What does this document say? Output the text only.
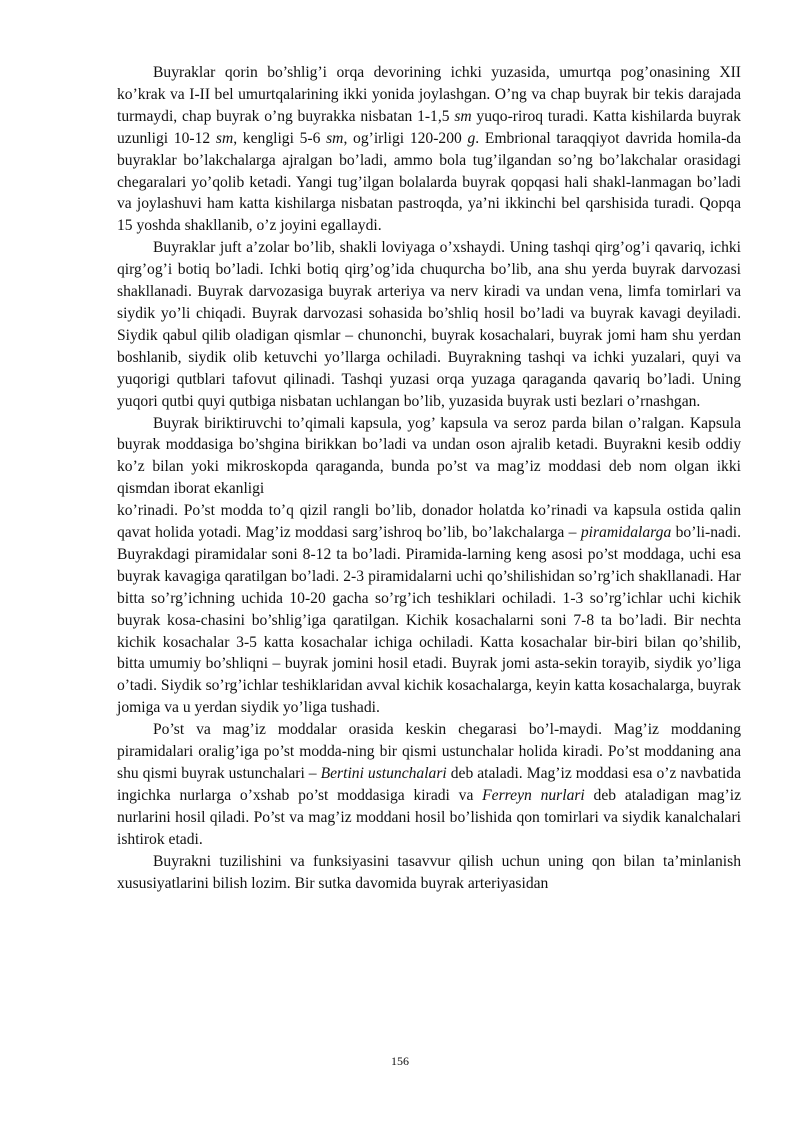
Buyraklar qorin bo’shlig’i orqa devorining ichki yuzasida, umurtqa pog’onasining XII ko’krak va I-II bel umurtqalarining ikki yonida joylashgan. O’ng va chap buyrak bir tekis darajada turmaydi, chap buyrak o’ng buyrakka nisbatan 1-1,5 sm yuqo-riroq turadi. Katta kishilarda buyrak uzunligi 10-12 sm, kengligi 5-6 sm, og’irligi 120-200 g. Embrional taraqqiyot davrida homila-da buyraklar bo’lakchalarga ajralgan bo’ladi, ammo bola tug’ilgandan so’ng bo’lakchalar orasidagi chegaralari yo’qolib ketadi. Yangi tug’ilgan bolalarda buyrak qopqasi hali shakl-lanmagan bo’ladi va joylashuvi ham katta kishilarga nisbatan pastroqda, ya’ni ikkinchi bel qarshisida turadi. Qopqa 15 yoshda shakllanib, o’z joyini egallaydi.

Buyraklar juft a’zolar bo’lib, shakli loviyaga o’xshaydi. Uning tashqi qirg’og’i qavariq, ichki qirg’og’i botiq bo’ladi. Ichki botiq qirg’og’ida chuqurcha bo’lib, ana shu yerda buyrak darvozasi shakllanadi. Buyrak darvozasiga buyrak arteriya va nerv kiradi va undan vena, limfa tomirlari va siydik yo’li chiqadi. Buyrak darvozasi sohasida bo’shliq hosil bo’ladi va buyrak kavagi deyiladi. Siydik qabul qilib oladigan qismlar – chunonchi, buyrak kosachalari, buyrak jomi ham shu yerdan boshlanib, siydik olib ketuvchi yo’llarga ochiladi. Buyrakning tashqi va ichki yuzalari, quyi va yuqorigi qutblari tafovut qilinadi. Tashqi yuzasi orqa yuzaga qaraganda qavariq bo’ladi. Uning yuqori qutbi quyi qutbiga nisbatan uchlangan bo’lib, yuzasida buyrak usti bezlari o’rnashgan.

Buyrak biriktiruvchi to’qimali kapsula, yog’ kapsula va seroz parda bilan o’ralgan. Kapsula buyrak moddasiga bo’shgina birikkan bo’ladi va undan oson ajralib ketadi. Buyrakni kesib oddiy ko’z bilan yoki mikroskopda qaraganda, bunda po’st va mag’iz moddasi deb nom olgan ikki qismdan iborat ekanligi

ko’rinadi. Po’st modda to’q qizil rangli bo’lib, donador holatda ko’rinadi va kapsula ostida qalin qavat holida yotadi. Mag’iz moddasi sarg’ishroq bo’lib, bo’lakchalarga – piramidalarga bo’li-nadi. Buyrakdagi piramidalar soni 8-12 ta bo’ladi. Piramida-larning keng asosi po’st moddaga, uchi esa buyrak kavagiga qaratilgan bo’ladi. 2-3 piramidalarni uchi qo’shilishidan so’rg’ich shakllanadi. Har bitta so’rg’ichning uchida 10-20 gacha so’rg’ich teshiklari ochiladi. 1-3 so’rg’ichlar uchi kichik buyrak kosa-chasini bo’shlig’iga qaratilgan. Kichik kosachalarni soni 7-8 ta bo’ladi. Bir nechta kichik kosachalar 3-5 katta kosachalar ichiga ochiladi. Katta kosachalar bir-biri bilan qo’shilib, bitta umumiy bo’shliqni – buyrak jomini hosil etadi. Buyrak jomi asta-sekin torayib, siydik yo’liga o’tadi. Siydik so’rg’ichlar teshiklaridan avval kichik kosachalarga, keyin katta kosachalarga, buyrak jomiga va u yerdan siydik yo’liga tushadi.

Po’st va mag’iz moddalar orasida keskin chegarasi bo’l-maydi. Mag’iz moddaning piramidalari oralig’iga po’st modda-ning bir qismi ustunchalar holida kiradi. Po’st moddaning ana shu qismi buyrak ustunchalari – Bertini ustunchalari deb ataladi. Mag’iz moddasi esa o’z navbatida ingichka nurlarga o’xshab po’st moddasiga kiradi va Ferreyn nurlari deb ataladigan mag’iz nurlarini hosil qiladi. Po’st va mag’iz moddani hosil bo’lishida qon tomirlari va siydik kanalchalari ishtirok etadi.

Buyrakni tuzilishini va funksiyasini tasavvur qilish uchun uning qon bilan ta’minlanish xususiyatlarini bilish lozim. Bir sutka davomida buyrak arteriyasidan

156
